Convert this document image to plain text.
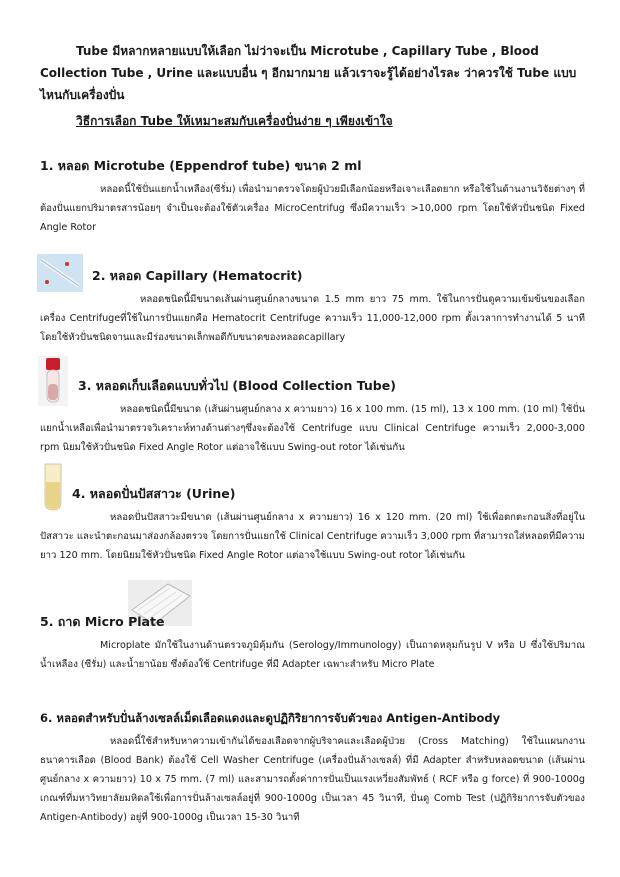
Tube มีหลากหลายแบบให้เลือก ไม่ว่าจะเป็น Microtube , Capillary Tube , Blood Collection Tube , Urine และแบบอื่น ๆ อีกมากมาย แล้วเราจะรู้ได้อย่างไรละ ว่าควรใช้ Tube แบบไหนกับเครื่องปั่น
วิธีการเลือก Tube ให้เหมาะสมกับเครื่องปั่นง่าย ๆ เพียงเข้าใจ
1. หลอด Microtube (Eppendrof tube) ขนาด 2 ml

หลอดนี้ใช้ปั่นแยกน้ำเหลือง(ซีรั่ม) เพื่อนำมาตรวจโดยผู้ป่วยมีเลือกน้อยหรือเจาะเลือดยาก หรือใช้ในด้านงานวิจัยต่างๆ ที่ต้องปั่นแยกปริมาตรสารน้อยๆ จำเป็นจะต้องใช้ตัวเครื่อง MicroCentrifug ซึ่งมีความเร็ว >10,000 rpm โดยใช้หัวปั่นชนิด Fixed Angle Rotor

2. หลอด Capillary (Hematocrit)

หลอดชนิดนี้มีขนาดเส้นผ่านศูนย์กลางขนาด 1.5 mm ยาว 75 mm. ใช้ในการปั่นดูความเข้มข้นของเลือกเครื่อง Centrifugeที่ใช้ในการปั่นแยกคือ Hematocrit Centrifuge ความเร็ว 11,000-12,000 rpm ตั้งเวลาการทำงานได้ 5 นาที โดยใช้หัวปั่นชนิดจานและมีร่องขนาดเล็กพอดีกับขนาดของหลอดcapillary

3. หลอดเก็บเลือดแบบทั่วไป (Blood Collection Tube)

หลอดชนิดนี้มีขนาด (เส้นผ่านศูนย์กลาง x ความยาว) 16 x 100 mm. (15 ml), 13 x 100 mm. (10 ml) ใช้ปั่นแยกน้ำเหลือเพื่อนำมาตรวจวิเคราะห์ทางด้านต่างๆซึ่งจะต้องใช้ Centrifuge แบบ Clinical Centrifuge ความเร็ว 2,000-3,000 rpm นิยมใช้หัวปั่นชนิด Fixed Angle Rotor แต่อาจใช้แบบ Swing-out rotor ได้เช่นกัน

4. หลอดปั่นปัสสาวะ (Urine)

หลอดปั่นปัสสาวะมีขนาด (เส้นผ่านศูนย์กลาง x ความยาว) 16 x 120 mm. (20 ml) ใช้เพื่อตกตะกอนสิ่งที่อยู่ในปัสสาวะ และนำตะกอนมาส่องกล้องตรวจ โดยการปั่นแยกใช้ Clinical Centrifuge ความเร็ว 3,000 rpm ที่สามารถใส่หลอดที่มีความยาว 120 mm. โดยนิยมใช้หัวปั่นชนิด Fixed Angle Rotor แต่อาจใช้แบบ Swing-out rotor ได้เช่นกัน

5. ถาด Micro Plate

Microplate มักใช้ในงานด้านตรวจภูมิคุ้มกัน (Serology/Immunology) เป็นถาดหลุมก้นรูป V หรือ U ซึ่งใช้ปริมาณน้ำเหลือง (ซีรั่ม) และน้ำยาน้อย ซึ่งต้องใช้ Centrifuge ที่มี Adapter เฉพาะสำหรับ Micro Plate

6. หลอดสำหรับปั่นล้างเซลล์เม็ดเลือดแดงและดูปฏิกิริยาการจับตัวของ Antigen-Antibody

หลอดนี้ใช้สำหรับหาความเข้ากันได้ของเลือดจากผู้บริจาคและเลือดผู้ป่วย (Cross Matching) ใช้ในแผนกงานธนาคารเลือด (Blood Bank) ต้องใช้ Cell Washer Centrifuge (เครื่องปั่นล้างเซลล์) ที่มี Adapter สำหรับหลอดขนาด (เส้นผ่านศูนย์กลาง x ความยาว) 10 x 75 mm. (7 ml) และสามารถตั้งค่าการปั่นเป็นแรงเหวี่ยงสัมพัทธ์ ( RCF หรือ g force) ที่ 900-1000g เกณฑ์ที่มหาวิทยาลัยมหิดลใช้เพื่อการปั่นล้างเซลล์อยู่ที่ 900-1000g เป็นเวลา 45 วินาที, ปั่นดู Comb Test (ปฏิกิริยาการจับตัวของ Antigen-Antibody) อยู่ที่ 900-1000g เป็นเวลา 15-30 วินาที
